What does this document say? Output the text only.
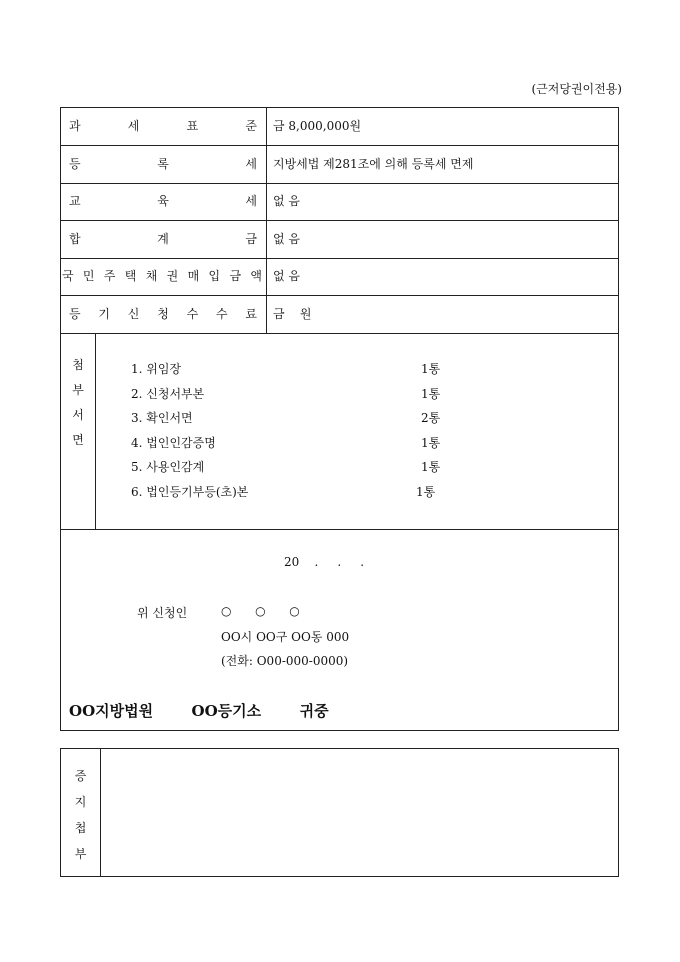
(근저당권이전용)
과 세 표 준 금 8,000,000원
등 록 세 지방세법 제281조에 의해 등록세 면제
교 육 세 없 음
합 계 금 없 음
국 민 주 택 채 권 매 입 금 액 없 음
등 기 신 청 수 수 료 금    원
첨
부
서
면
1. 위임장	1통
2. 신청서부본	1통
3. 확인서면	2통
4. 법인인감증명	1통
5. 사용인감계	1통
6. 법인등기부등(초)본	1통
20    .     .     .
위 신청인	○  ○  ○
OO시 OO구 OO동 000
(전화: O00-000-0000)
OO지방법원  OO등기소  귀중
증
지
첩
부
